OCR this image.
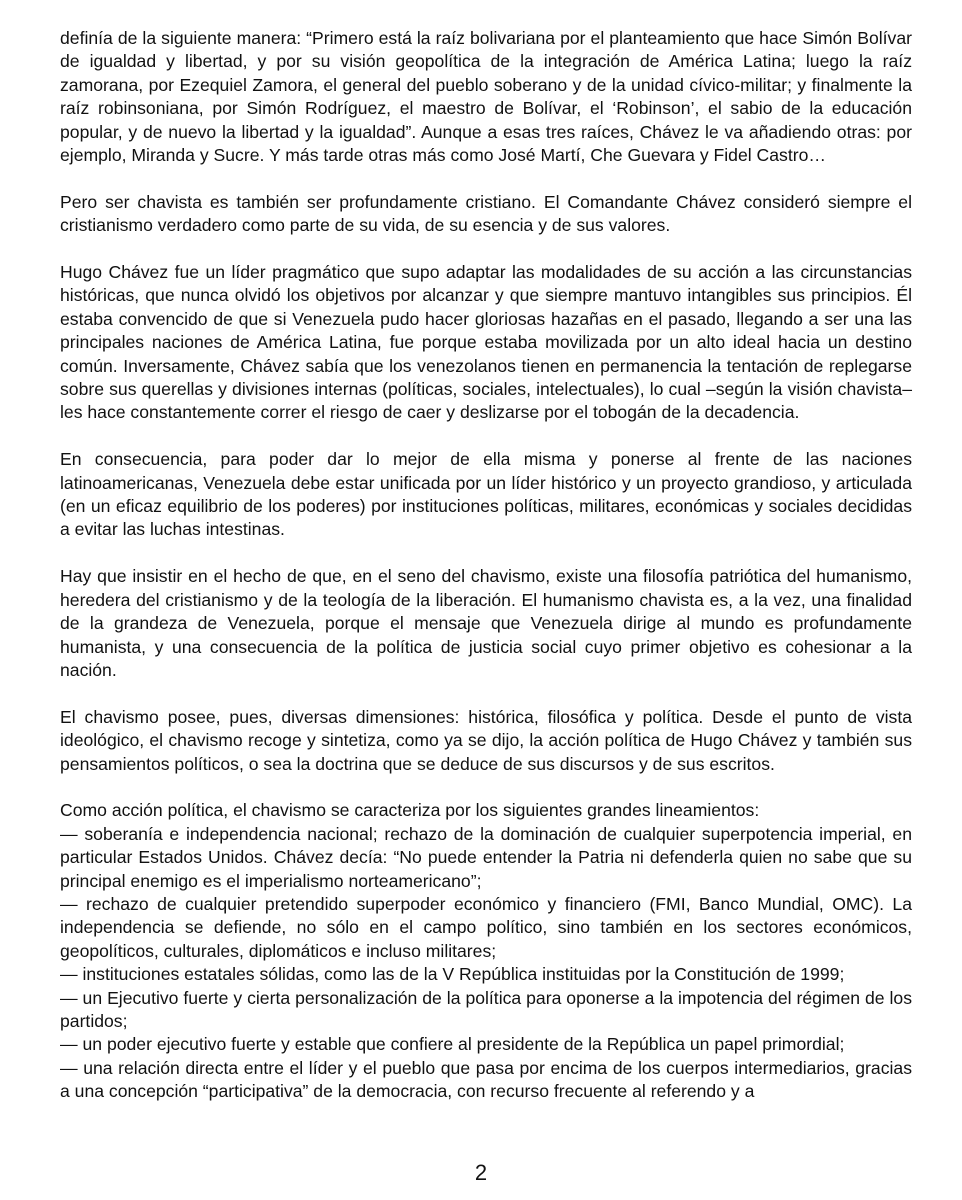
definía de la siguiente manera: “Primero está la raíz bolivariana por el planteamiento que hace Simón Bolívar de igualdad y libertad, y por su visión geopolítica de la integración de América Latina; luego la raíz zamorana, por Ezequiel Zamora, el general del pueblo soberano y de la unidad cívico-militar; y finalmente la raíz robinsoniana, por Simón Rodríguez, el maestro de Bolívar, el ‘Robinson’, el sabio de la educación popular, y de nuevo la libertad y la igualdad”. Aunque a esas tres raíces, Chávez le va añadiendo otras: por ejemplo, Miranda y Sucre. Y más tarde otras más como José Martí, Che Guevara y Fidel Castro…

Pero ser chavista es también ser profundamente cristiano. El Comandante Chávez consideró siempre el cristianismo verdadero como parte de su vida, de su esencia y de sus valores.

Hugo Chávez fue un líder pragmático que supo adaptar las modalidades de su acción a las circunstancias históricas, que nunca olvidó los objetivos por alcanzar y que siempre mantuvo intangibles sus principios. Él estaba convencido de que si Venezuela pudo hacer gloriosas hazañas en el pasado, llegando a ser una las principales naciones de América Latina, fue porque estaba movilizada por un alto ideal hacia un destino común. Inversamente, Chávez sabía que los venezolanos tienen en permanencia la tentación de replegarse sobre sus querellas y divisiones internas (políticas, sociales, intelectuales), lo cual –según la visión chavista– les hace constantemente correr el riesgo de caer y deslizarse por el tobogán de la decadencia.

En consecuencia, para poder dar lo mejor de ella misma y ponerse al frente de las naciones latinoamericanas, Venezuela debe estar unificada por un líder histórico y un proyecto grandioso, y articulada (en un eficaz equilibrio de los poderes) por instituciones políticas, militares, económicas y sociales decididas a evitar las luchas intestinas.

Hay que insistir en el hecho de que, en el seno del chavismo, existe una filosofía patriótica del humanismo, heredera del cristianismo y de la teología de la liberación. El humanismo chavista es, a la vez, una finalidad de la grandeza de Venezuela, porque el mensaje que Venezuela dirige al mundo es profundamente humanista, y una consecuencia de la política de justicia social cuyo primer objetivo es cohesionar a la nación.

El chavismo posee, pues, diversas dimensiones: histórica, filosófica y política. Desde el punto de vista ideológico, el chavismo recoge y sintetiza, como ya se dijo, la acción política de Hugo Chávez y también sus pensamientos políticos, o sea la doctrina que se deduce de sus discursos y de sus escritos.

Como acción política, el chavismo se caracteriza por los siguientes grandes lineamientos:
— soberanía e independencia nacional; rechazo de la dominación de cualquier superpotencia imperial, en particular Estados Unidos. Chávez decía: “No puede entender la Patria ni defenderla quien no sabe que su principal enemigo es el imperialismo norteamericano”;
— rechazo de cualquier pretendido superpoder económico y financiero (FMI, Banco Mundial, OMC). La independencia se defiende, no sólo en el campo político, sino también en los sectores económicos, geopolíticos, culturales, diplomáticos e incluso militares;
— instituciones estatales sólidas, como las de la V República instituidas por la Constitución de 1999;
— un Ejecutivo fuerte y cierta personalización de la política para oponerse a la impotencia del régimen de los partidos;
— un poder ejecutivo fuerte y estable que confiere al presidente de la República un papel primordial;
— una relación directa entre el líder y el pueblo que pasa por encima de los cuerpos intermediarios, gracias a una concepción “participativa” de la democracia, con recurso frecuente al referendo y a
2
